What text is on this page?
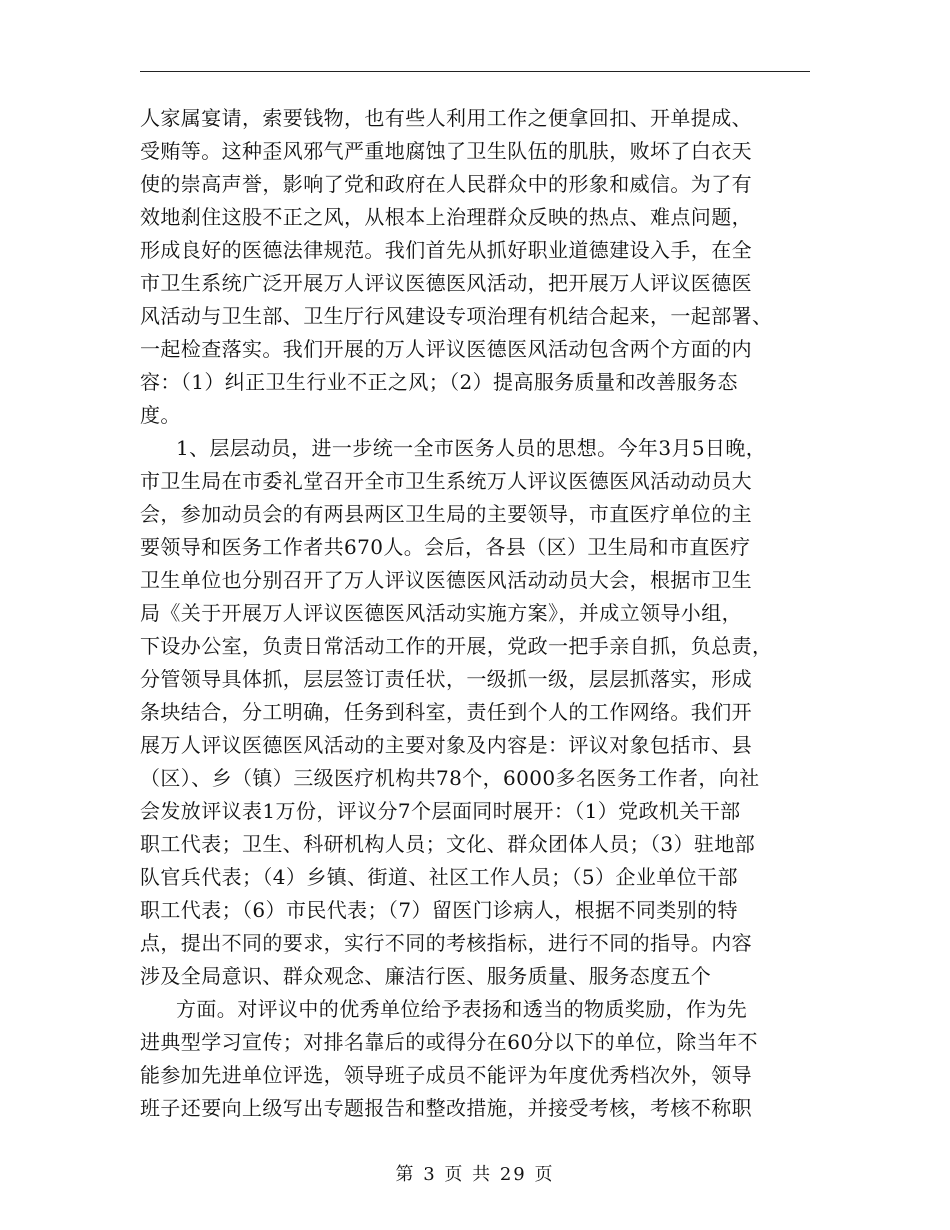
人家属宴请，索要钱物，也有些人利用工作之便拿回扣、开单提成、
受贿等。这种歪风邪气严重地腐蚀了卫生队伍的肌肤，败坏了白衣天
使的崇高声誉，影响了党和政府在人民群众中的形象和威信。为了有
效地刹住这股不正之风，从根本上治理群众反映的热点、难点问题，
形成良好的医德法律规范。我们首先从抓好职业道德建设入手，在全
市卫生系统广泛开展万人评议医德医风活动，把开展万人评议医德医
风活动与卫生部、卫生厅行风建设专项治理有机结合起来，一起部署、
一起检查落实。我们开展的万人评议医德医风活动包含两个方面的内
容：（1）纠正卫生行业不正之风；（2）提高服务质量和改善服务态
度。
1、层层动员，进一步统一全市医务人员的思想。今年3月5日晚，
市卫生局在市委礼堂召开全市卫生系统万人评议医德医风活动动员大
会，参加动员会的有两县两区卫生局的主要领导，市直医疗单位的主
要领导和医务工作者共670人。会后，各县（区）卫生局和市直医疗
卫生单位也分别召开了万人评议医德医风活动动员大会，根据市卫生
局《关于开展万人评议医德医风活动实施方案》，并成立领导小组，
下设办公室，负责日常活动工作的开展，党政一把手亲自抓，负总责，
分管领导具体抓，层层签订责任状，一级抓一级，层层抓落实，形成
条块结合，分工明确，任务到科室，责任到个人的工作网络。我们开
展万人评议医德医风活动的主要对象及内容是：评议对象包括市、县
（区）、乡（镇）三级医疗机构共78个，6000多名医务工作者，向社
会发放评议表1万份，评议分7个层面同时展开：（1）党政机关干部
职工代表；卫生、科研机构人员；文化、群众团体人员；（3）驻地部
队官兵代表；（4）乡镇、街道、社区工作人员；（5）企业单位干部
职工代表；（6）市民代表；（7）留医门诊病人，根据不同类别的特
点，提出不同的要求，实行不同的考核指标，进行不同的指导。内容
涉及全局意识、群众观念、廉洁行医、服务质量、服务态度五个
方面。对评议中的优秀单位给予表扬和透当的物质奖励，作为先
进典型学习宣传；对排名靠后的或得分在60分以下的单位，除当年不
能参加先进单位评选，领导班子成员不能评为年度优秀档次外，领导
班子还要向上级写出专题报告和整改措施，并接受考核，考核不称职
第 3 页 共 29 页
